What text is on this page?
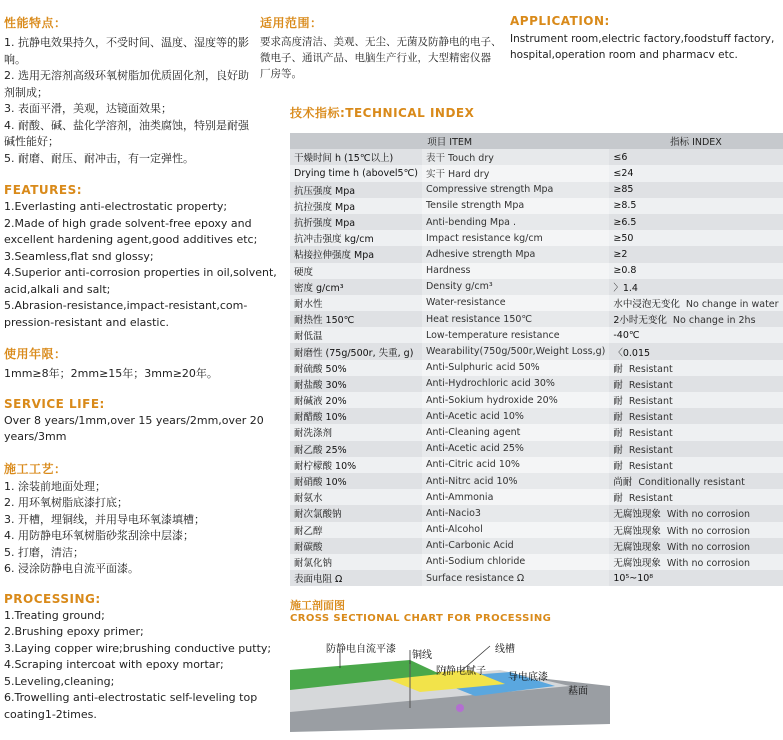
性能特点：
1. 抗静电效果持久，不受时间、温度、湿度等的影
响。
2. 选用无溶剂高级环氧树脂加优质固化剂，良好助
剂制成；
3. 表面平滑，美观，达镜面效果；
4. 耐酸、碱、盐化学溶剂，油类腐蚀，特别是耐强
碱性能好；
5. 耐磨、耐压、耐冲击，有一定弹性。
FEATURES:
1.Everlasting anti-electrostatic property;
2.Made of high grade solvent-free epoxy and
excellent hardening agent,good additives etc;
3.Seamless,flat snd glossy;
4.Superior anti-corrosion properties in oil,solvent,
acid,alkali and salt;
5.Abrasion-resistance,impact-resistant,com-
pression-resistant and elastic.
使用年限：
1mm≥8年；2mm≥15年；3mm≥20年。
SERVICE LIFE:
Over 8 years/1mm,over 15 years/2mm,over 20
years/3mm
施工工艺：
1. 涂装前地面处理；
2. 用环氧树脂底漆打底；
3. 开槽，埋铜线，并用导电环氧漆填槽；
4. 用防静电环氧树脂砂浆刮涂中层漆；
5. 打磨，清洁；
6. 浸涂防静电自流平面漆。
PROCESSING:
1.Treating ground;
2.Brushing epoxy primer;
3.Laying copper wire;brushing conductive putty;
4.Scraping intercoat with epoxy mortar;
5.Leveling,cleaning;
6.Trowelling anti-electrostatic self-leveling top
coating1-2times.
适用范围：
要求高度清洁、美观、无尘、无菌及防静电的电子、
微电子、通讯产品、电脑生产行业，大型精密仪器
厂房等。
APPLICATION:
Instrument room,electric factory,foodstuff factory,
hospital,operation room and pharmacv etc.
技术指标:TECHNICAL INDEX
项目 ITEM		指标 INDEX
干燥时间 h (15℃以上)	表干 Touch dry	≤6
Drying time h (abovel5℃)	实干 Hard dry	≤24
抗压强度 Mpa	Compressive strength Mpa	≥85
抗拉强度 Mpa	Tensile strength Mpa	≥8.5
抗折强度 Mpa	Anti-bending Mpa .	≥6.5
抗冲击强度 kg/cm	Impact resistance kg/cm	≥50
粘接拉伸强度 Mpa	Adhesive strength Mpa	≥2
硬度	Hardness	≥0.8
密度 g/cm³	Density g/cm³	〉1.4
耐水性	Water-resistance	水中浸泡无变化 No change in water
耐热性 150℃	Heat resistance 150℃	2小时无变化 No change in 2hs
耐低温	Low-temperature resistance	-40℃
耐磨性 (75g/500r, 失重, g)	Wearability(750g/500r,Weight Loss,g)	〈0.015
耐硫酸 50%	Anti-Sulphuric acid 50%	耐 Resistant
耐盐酸 30%	Anti-Hydrochloric acid 30%	耐 Resistant
耐碱液 20%	Anti-Sokium hydroxide 20%	耐 Resistant
耐醋酸 10%	Anti-Acetic acid 10%	耐 Resistant
耐洗涤剂	Anti-Cleaning agent	耐 Resistant
耐乙酸 25%	Anti-Acetic acid 25%	耐 Resistant
耐柠檬酸 10%	Anti-Citric acid 10%	耐 Resistant
耐硝酸 10%	Anti-Nitrc acid 10%	尚耐 Conditionally resistant
耐氨水	Anti-Ammonia	耐 Resistant
耐次氯酸钠	Anti-Nacio3	无腐蚀现象 With no corrosion
耐乙醇	Anti-Alcohol	无腐蚀现象 With no corrosion
耐碳酸	Anti-Carbonic Acid	无腐蚀现象 With no corrosion
耐氯化钠	Anti-Sodium chloride	无腐蚀现象 With no corrosion
表面电阻 Ω	Surface resistance Ω	10⁵~10⁸
施工剖面图
CROSS SECTIONAL CHART FOR PROCESSING
防静电自流平漆
铜线
线槽
防静电腻子
导电底漆
基面
